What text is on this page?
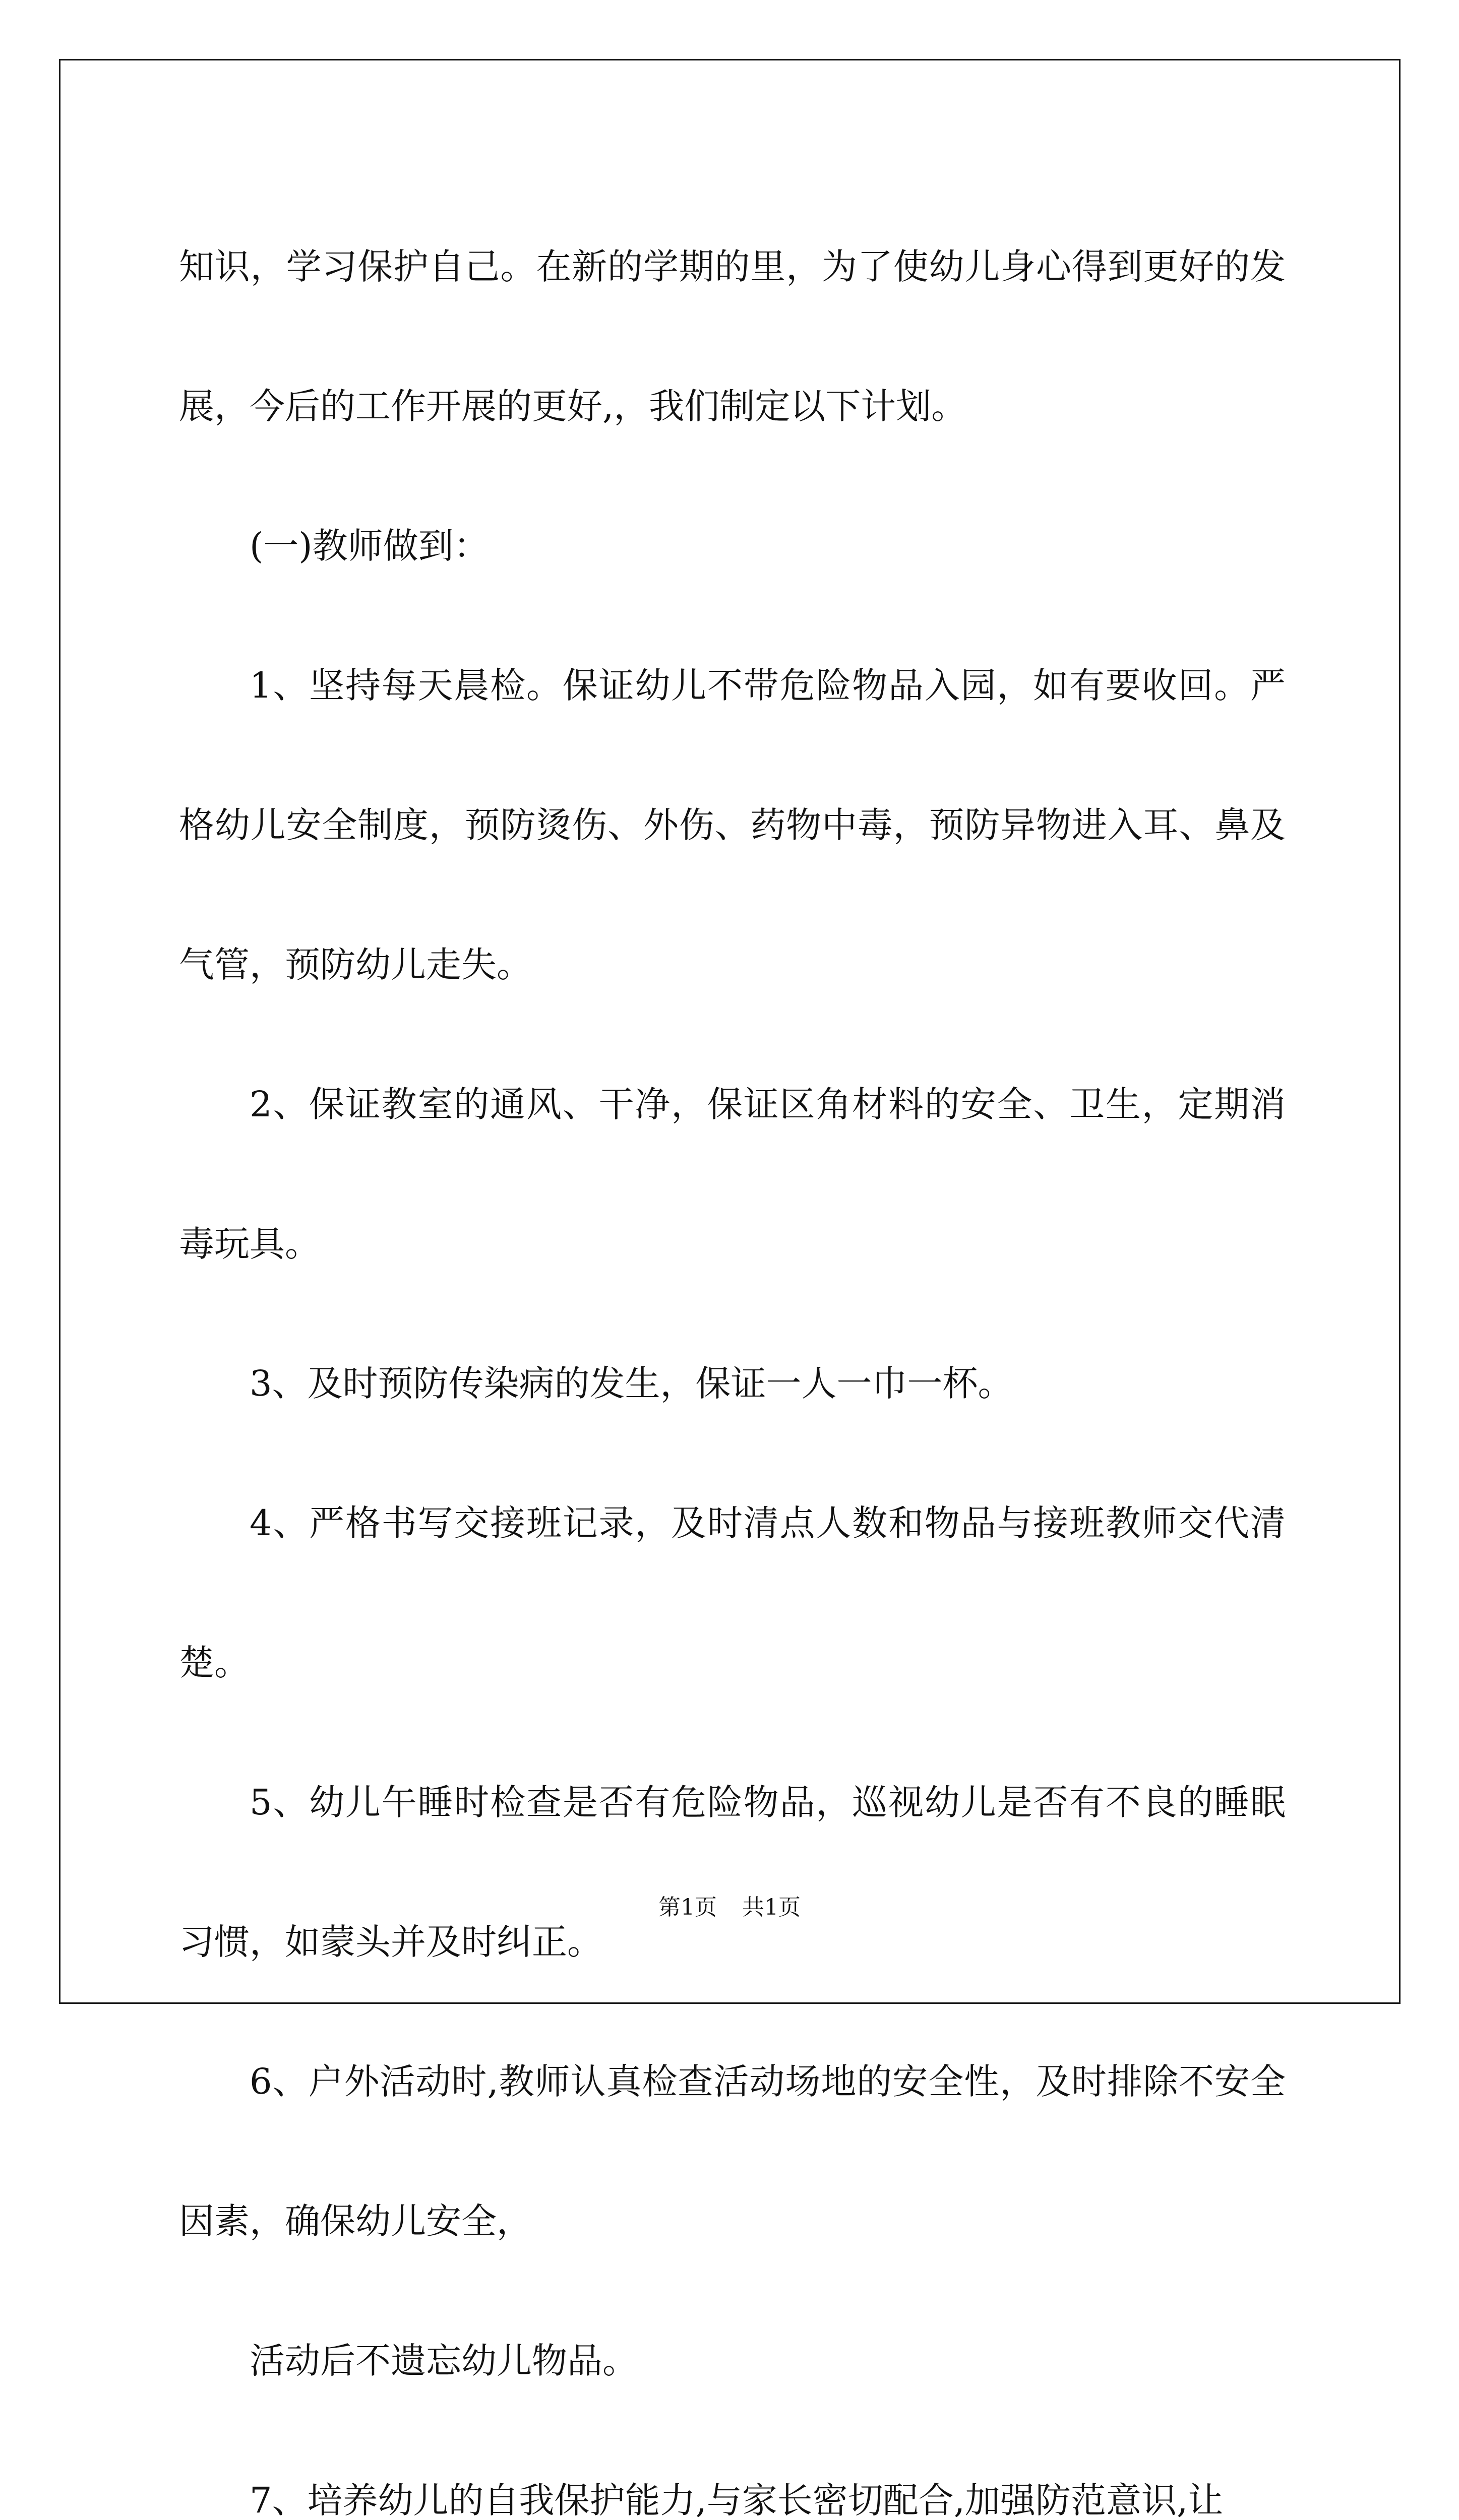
知识，学习保护自己。在新的学期的里，为了使幼儿身心得到更好的发展，今后的工作开展的更好,，我们制定以下计划。

(一)教师做到：

1、坚持每天晨检。保证幼儿不带危险物品入园，如有要收回。严格幼儿安全制度，预防烫伤、外伤、药物中毒，预防异物进入耳、鼻及气管，预防幼儿走失。

2、保证教室的通风、干净，保证区角材料的安全、卫生，定期消毒玩具。

3、及时预防传染病的发生，保证一人一巾一杯。

4、严格书写交接班记录，及时清点人数和物品与接班教师交代清楚。

5、幼儿午睡时检查是否有危险物品，巡视幼儿是否有不良的睡眠习惯，如蒙头并及时纠正。

6、户外活动时,教师认真检查活动场地的安全性，及时排除不安全因素，确保幼儿安全，

活动后不遗忘幼儿物品。

7、培养幼儿的自我保护能力,与家长密切配合,加强防范意识,让

第1页 共1页
